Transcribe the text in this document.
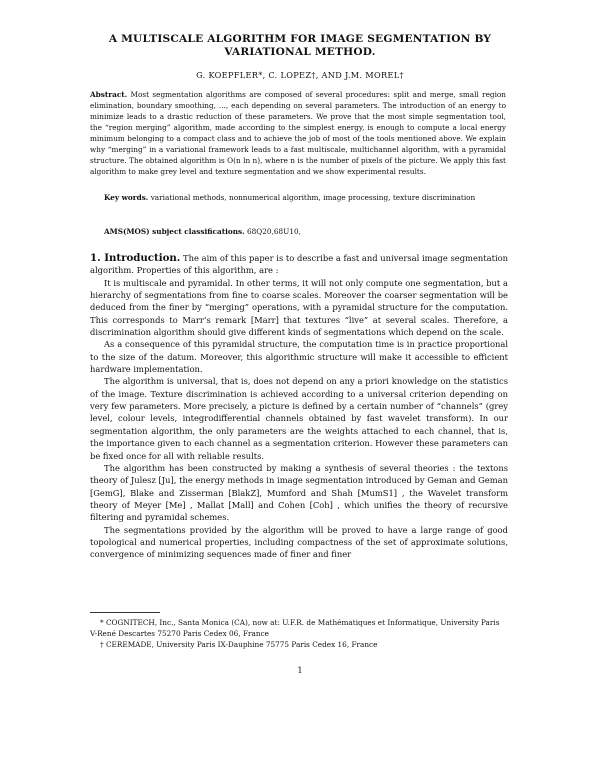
A MULTISCALE ALGORITHM FOR IMAGE SEGMENTATION BY
VARIATIONAL METHOD.
G. KOEPFLER*, C. LOPEZ†, AND J.M. MOREL†
Abstract. Most segmentation algorithms are composed of several procedures: split and merge, small region elimination, boundary smoothing, ..., each depending on several parameters. The introduction of an energy to minimize leads to a drastic reduction of these parameters. We prove that the most simple segmentation tool, the “region merging” algorithm, made according to the simplest energy, is enough to compute a local energy minimum belonging to a compact class and to achieve the job of most of the tools mentioned above. We explain why “merging” in a variational framework leads to a fast multiscale, multichannel algorithm, with a pyramidal structure. The obtained algorithm is O(n ln n), where n is the number of pixels of the picture. We apply this fast algorithm to make grey level and texture segmentation and we show experimental results.
Key words. variational methods, nonnumerical algorithm, image processing, texture discrimination
AMS(MOS) subject classifications. 68Q20,68U10,

1. Introduction. The aim of this paper is to describe a fast and universal image segmentation algorithm. Properties of this algorithm, are :

It is multiscale and pyramidal. In other terms, it will not only compute one segmentation, but a hierarchy of segmentations from fine to coarse scales. Moreover the coarser segmentation will be deduced from the finer by “merging” operations, with a pyramidal structure for the computation. This corresponds to Marr’s remark [Marr] that textures “live” at several scales. Therefore, a discrimination algorithm should give different kinds of segmentations which depend on the scale.

As a consequence of this pyramidal structure, the computation time is in practice proportional to the size of the datum. Moreover, this algorithmic structure will make it accessible to efficient hardware implementation.

The algorithm is universal, that is, does not depend on any a priori knowledge on the statistics of the image. Texture discrimination is achieved according to a universal criterion depending on very few parameters. More precisely, a picture is defined by a certain number of “channels” (grey level, colour levels, integrodifferential channels obtained by fast wavelet transform). In our segmentation algorithm, the only parameters are the weights attached to each channel, that is, the importance given to each channel as a segmentation criterion. However these parameters can be fixed once for all with reliable results.

The algorithm has been constructed by making a synthesis of several theories : the textons theory of Julesz [Ju], the energy methods in image segmentation introduced by Geman and Geman [GemG], Blake and Zisserman [BlakZ], Mumford and Shah [MumS1] , the Wavelet transform theory of Meyer [Me] , Mallat [Mall] and Cohen [Coh] , which unifies the theory of recursive filtering and pyramidal schemes.

The segmentations provided by the algorithm will be proved to have a large range of good topological and numerical properties, including compactness of the set of approximate solutions, convergence of minimizing sequences made of finer and finer

* COGNITECH, Inc., Santa Monica (CA), now at: U.F.R. de Mathématiques et Informatique, University Paris V-René Descartes 75270 Paris Cedex 06, France

† CEREMADE, University Paris IX-Dauphine 75775 Paris Cedex 16, France

1
